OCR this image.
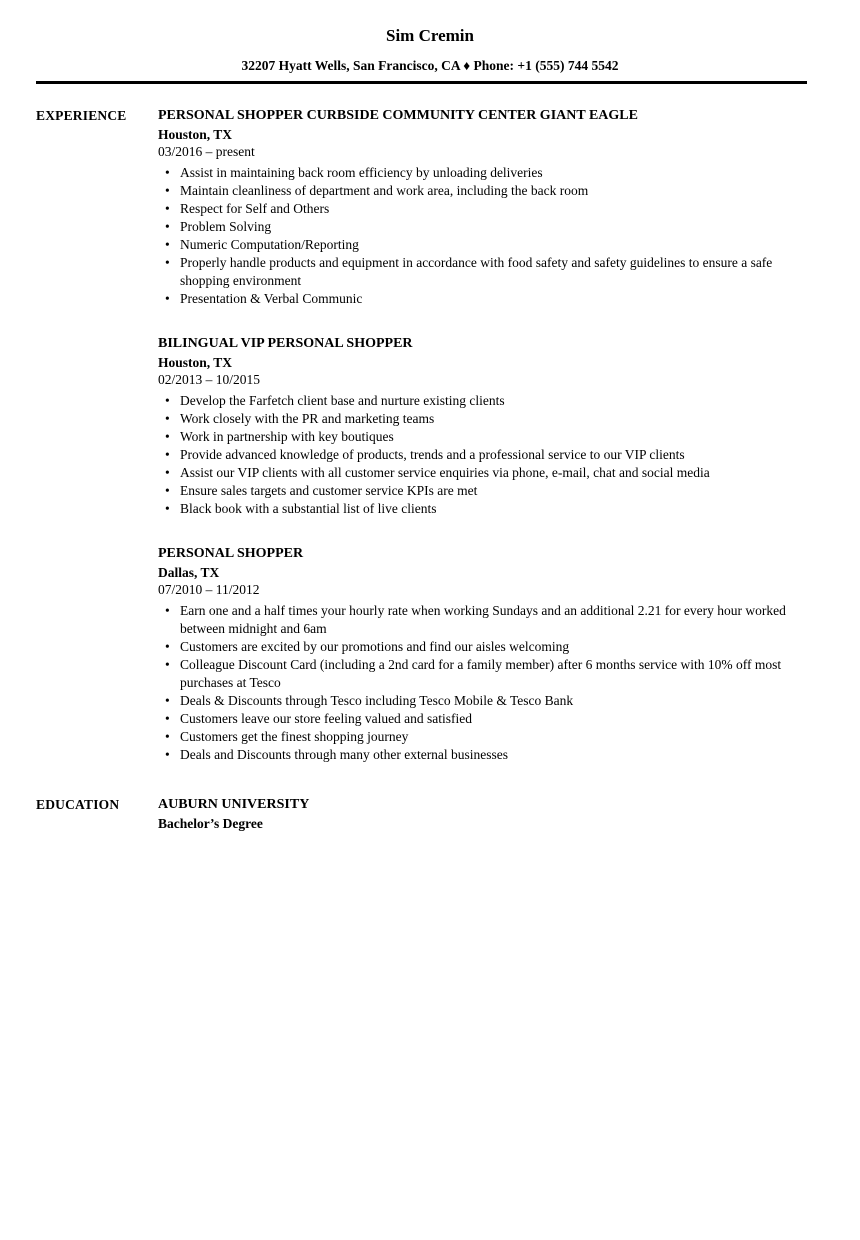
Sim Cremin
32207 Hyatt Wells, San Francisco, CA ♦ Phone: +1 (555) 744 5542
EXPERIENCE	PERSONAL SHOPPER CURBSIDE COMMUNITY CENTER GIANT EAGLE
Houston, TX
03/2016 – present
• Assist in maintaining back room efficiency by unloading deliveries
• Maintain cleanliness of department and work area, including the back room
• Respect for Self and Others
• Problem Solving
• Numeric Computation/Reporting
• Properly handle products and equipment in accordance with food safety and safety guidelines to ensure a safe shopping environment
• Presentation & Verbal Communic
BILINGUAL VIP PERSONAL SHOPPER
Houston, TX
02/2013 – 10/2015
• Develop the Farfetch client base and nurture existing clients
• Work closely with the PR and marketing teams
• Work in partnership with key boutiques
• Provide advanced knowledge of products, trends and a professional service to our VIP clients
• Assist our VIP clients with all customer service enquiries via phone, e-mail, chat and social media
• Ensure sales targets and customer service KPIs are met
• Black book with a substantial list of live clients
PERSONAL SHOPPER
Dallas, TX
07/2010 – 11/2012
• Earn one and a half times your hourly rate when working Sundays and an additional 2.21 for every hour worked between midnight and 6am
• Customers are excited by our promotions and find our aisles welcoming
• Colleague Discount Card (including a 2nd card for a family member) after 6 months service with 10% off most purchases at Tesco
• Deals & Discounts through Tesco including Tesco Mobile & Tesco Bank
• Customers leave our store feeling valued and satisfied
• Customers get the finest shopping journey
• Deals and Discounts through many other external businesses
EDUCATION	AUBURN UNIVERSITY
Bachelor’s Degree
